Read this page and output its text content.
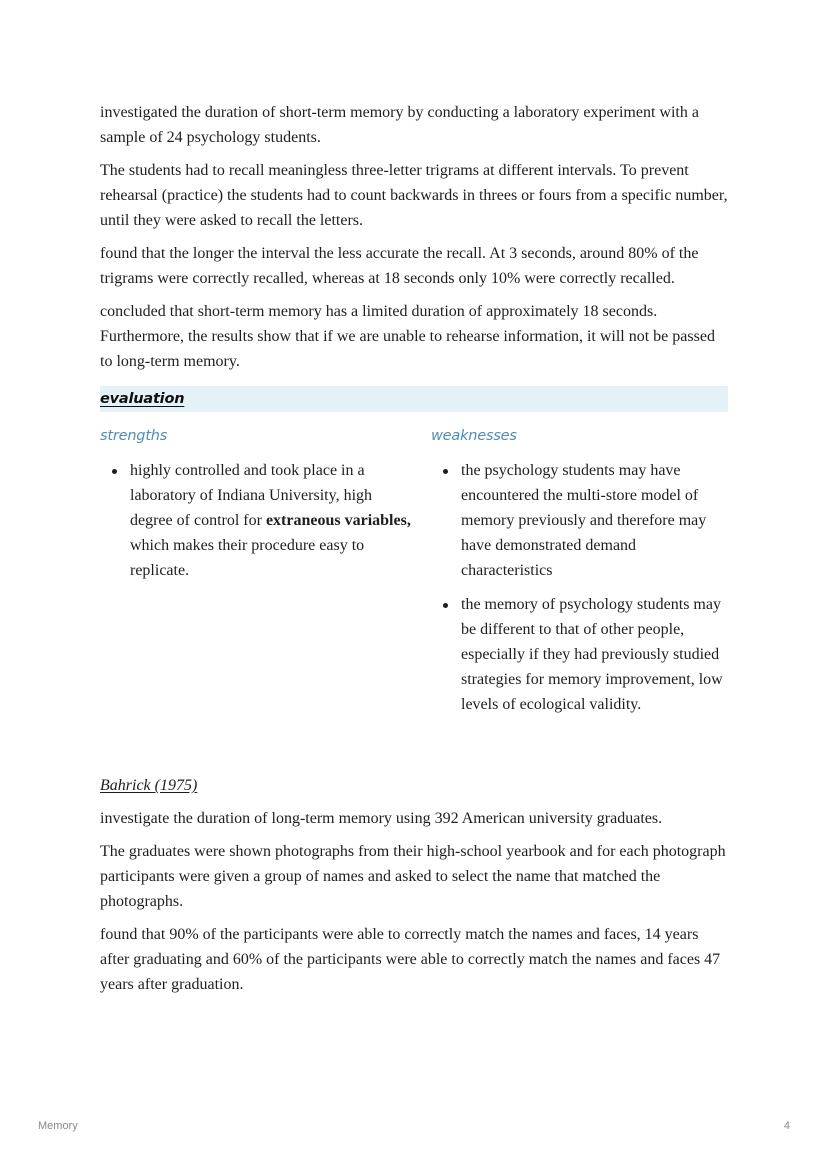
investigated the duration of short-term memory by conducting a laboratory experiment with a sample of 24 psychology students.

The students had to recall meaningless three-letter trigrams at different intervals. To prevent rehearsal (practice) the students had to count backwards in threes or fours from a specific number, until they were asked to recall the letters.

found that the longer the interval the less accurate the recall. At 3 seconds, around 80% of the trigrams were correctly recalled, whereas at 18 seconds only 10% were correctly recalled.

concluded that short-term memory has a limited duration of approximately 18 seconds. Furthermore, the results show that if we are unable to rehearse information, it will not be passed to long-term memory.

evaluation
strengths
highly controlled and took place in a laboratory of Indiana University, high degree of control for extraneous variables, which makes their procedure easy to replicate.
weaknesses
the psychology students may have encountered the multi-store model of memory previously and therefore may have demonstrated demand characteristics
the memory of psychology students may be different to that of other people, especially if they had previously studied strategies for memory improvement, low levels of ecological validity.
Bahrick (1975)

investigate the duration of long-term memory using 392 American university graduates.

The graduates were shown photographs from their high-school yearbook and for each photograph participants were given a group of names and asked to select the name that matched the photographs.

found that 90% of the participants were able to correctly match the names and faces, 14 years after graduating and 60% of the participants were able to correctly match the names and faces 47 years after graduation.

Memory	4
